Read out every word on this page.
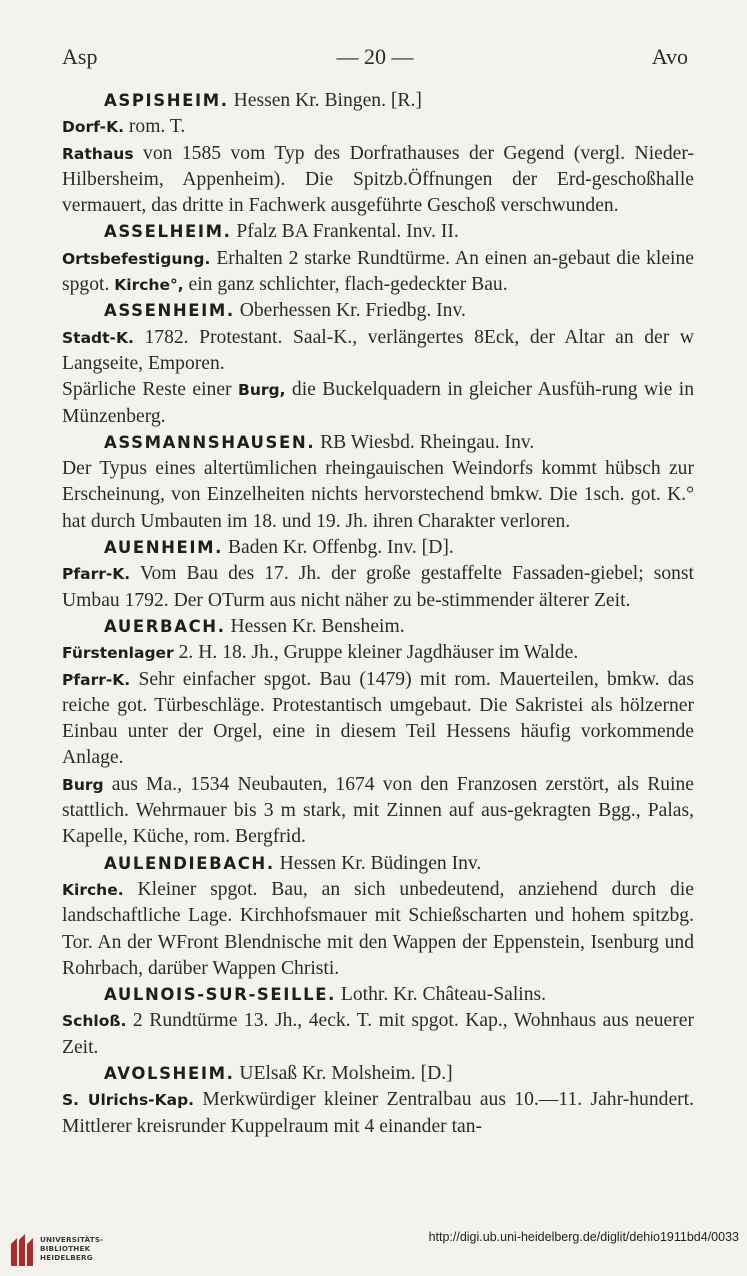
Asp	— 20 —	Avo

ASPISHEIM. Hessen Kr. Bingen. [R.]

Dorf-K. rom. T.

Rathaus von 1585 vom Typ des Dorfrathauses der Gegend (vergl. Nieder-Hilbersheim, Appenheim). Die Spitzb.Öffnungen der Erd-geschoßhalle vermauert, das dritte in Fachwerk ausgeführte Geschoß verschwunden.

ASSELHEIM. Pfalz BA Frankental. Inv. II.

Ortsbefestigung. Erhalten 2 starke Rundtürme. An einen an-gebaut die kleine spgot. Kirche°, ein ganz schlichter, flach-gedeckter Bau.

ASSENHEIM. Oberhessen Kr. Friedbg. Inv.

Stadt-K. 1782. Protestant. Saal-K., verlängertes 8Eck, der Altar an der w Langseite, Emporen.

Spärliche Reste einer Burg, die Buckelquadern in gleicher Ausfüh-rung wie in Münzenberg.

ASSMANNSHAUSEN. RB Wiesbd. Rheingau. Inv.

Der Typus eines altertümlichen rheingauischen Weindorfs kommt hübsch zur Erscheinung, von Einzelheiten nichts hervorstechend bmkw. Die 1sch. got. K.° hat durch Umbauten im 18. und 19. Jh. ihren Charakter verloren.

AUENHEIM. Baden Kr. Offenbg. Inv. [D].

Pfarr-K. Vom Bau des 17. Jh. der große gestaffelte Fassaden-giebel; sonst Umbau 1792. Der OTurm aus nicht näher zu be-stimmender älterer Zeit.

AUERBACH. Hessen Kr. Bensheim.

Fürstenlager 2. H. 18. Jh., Gruppe kleiner Jagdhäuser im Walde.

Pfarr-K. Sehr einfacher spgot. Bau (1479) mit rom. Mauerteilen, bmkw. das reiche got. Türbeschläge. Protestantisch umgebaut. Die Sakristei als hölzerner Einbau unter der Orgel, eine in diesem Teil Hessens häufig vorkommende Anlage.

Burg aus Ma., 1534 Neubauten, 1674 von den Franzosen zerstört, als Ruine stattlich. Wehrmauer bis 3 m stark, mit Zinnen auf aus-gekragten Bgg., Palas, Kapelle, Küche, rom. Bergfrid.

AULENDIEBACH. Hessen Kr. Büdingen Inv.

Kirche. Kleiner spgot. Bau, an sich unbedeutend, anziehend durch die landschaftliche Lage. Kirchhofsmauer mit Schießscharten und hohem spitzbg. Tor. An der WFront Blendnische mit den Wappen der Eppenstein, Isenburg und Rohrbach, darüber Wappen Christi.

AULNOIS-SUR-SEILLE. Lothr. Kr. Château-Salins.

Schloß. 2 Rundtürme 13. Jh., 4eck. T. mit spgot. Kap., Wohnhaus aus neuerer Zeit.

AVOLSHEIM. UElsaß Kr. Molsheim. [D.]

S. Ulrichs-Kap. Merkwürdiger kleiner Zentralbau aus 10.—11. Jahr-hundert. Mittlerer kreisrunder Kuppelraum mit 4 einander tan-

UNIVERSITÄTS-
BIBLIOTHEK
HEIDELBERG
http://digi.ub.uni-heidelberg.de/diglit/dehio1911bd4/0033
